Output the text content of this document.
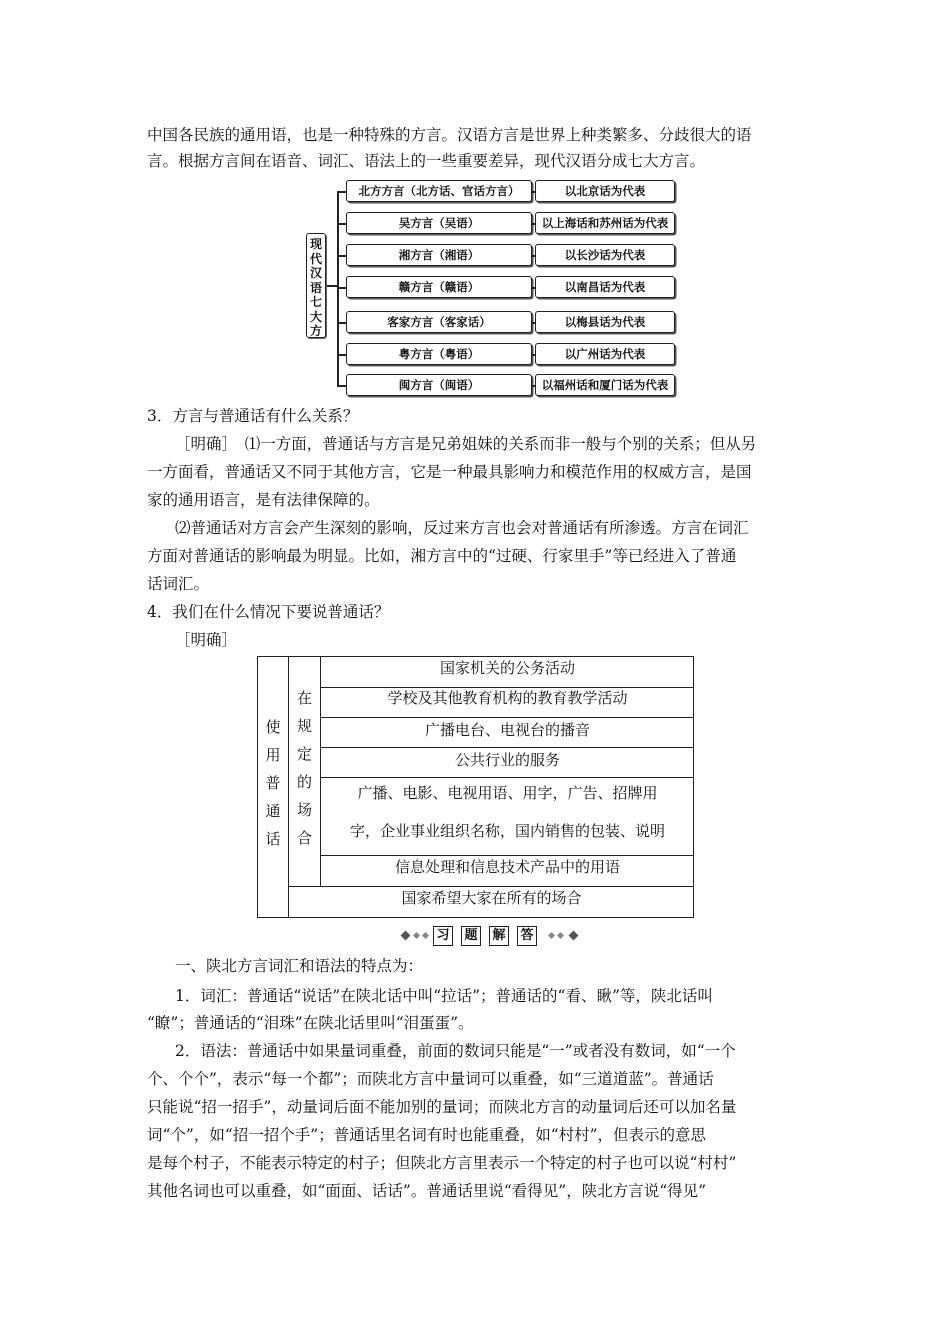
中国各民族的通用语，也是一种特殊的方言。汉语方言是世界上种类繁多、分歧很大的语
言。根据方言间在语音、词汇、语法上的一些重要差异，现代汉语分成七大方言。
现
代
汉
语
七
大
方
北方方言（北方话、官话方言）	以北京话为代表
吴方言（吴语）	以上海话和苏州话为代表
湘方言（湘语）	以长沙话为代表
赣方言（赣语）	以南昌话为代表
客家方言（客家话）	以梅县话为代表
粤方言（粤语）	以广州话为代表
闽方言（闽语）	以福州话和厦门话为代表
3．方言与普通话有什么关系？
［明确］　⑴一方面，普通话与方言是兄弟姐妹的关系而非一般与个别的关系；但从另
一方面看，普通话又不同于其他方言，它是一种最具影响力和模范作用的权威方言，是国
家的通用语言，是有法律保障的。
⑵普通话对方言会产生深刻的影响，反过来方言也会对普通话有所渗透。方言在词汇
方面对普通话的影响最为明显。比如，湘方言中的“过硬、行家里手”等已经进入了普通
话词汇。
4．我们在什么情况下要说普通话？
［明确］
使
用
普
通
话
在
规
定
的
场
合
国家机关的公务活动
学校及其他教育机构的教育教学活动
广播电台、电视台的播音
公共行业的服务
广播、电影、电视用语、用字，广告、招牌用
字，企业事业组织名称，国内销售的包装、说明
信息处理和信息技术产品中的用语
国家希望大家在所有的场合
习 题 解 答
一、陕北方言词汇和语法的特点为：
1．词汇：普通话“说话”在陕北话中叫“拉话”；普通话的“看、瞅”等，陕北话叫
“瞭”；普通话的“泪珠”在陕北话里叫“泪蛋蛋”。
2．语法：普通话中如果量词重叠，前面的数词只能是“一”或者没有数词，如“一个
个、个个”，表示“每一个都”；而陕北方言中量词可以重叠，如“三道道蓝”。普通话
只能说“招一招手”，动量词后面不能加别的量词；而陕北方言的动量词后还可以加名量
词“个”，如“招一招个手”；普通话里名词有时也能重叠，如“村村”，但表示的意思
是每个村子，不能表示特定的村子；但陕北方言里表示一个特定的村子也可以说“村村”
其他名词也可以重叠，如“面面、话话”。普通话里说“看得见”，陕北方言说“得见”
